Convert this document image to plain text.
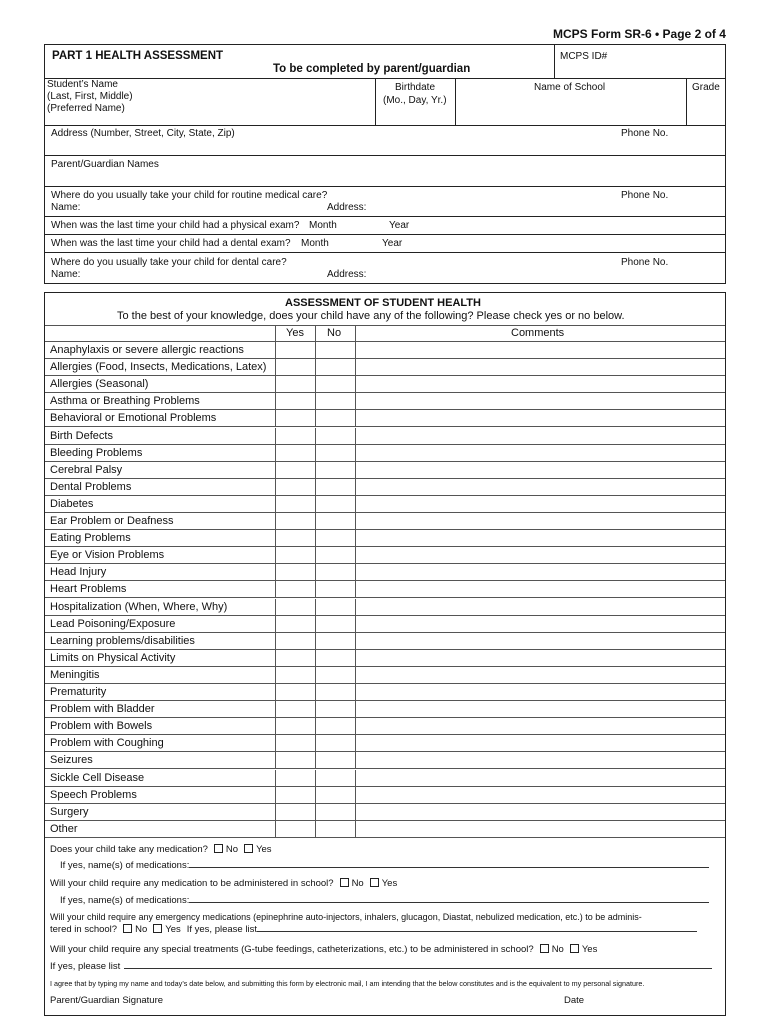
MCPS Form SR-6 • Page 2 of 4
PART 1 HEALTH ASSESSMENT
To be completed by parent/guardian
MCPS ID#
Student’s Name
(Last, First, Middle)
(Preferred Name)
Birthdate
(Mo., Day, Yr.)
Name of School	Grade
Address (Number, Street, City, State, Zip)	Phone No.
Parent/Guardian Names
Where do you usually take your child for routine medical care?	Phone No.
Name:	Address:
When was the last time your child had a physical exam? Month	Year
When was the last time your child had a dental exam? Month	Year
Where do you usually take your child for dental care?	Phone No.
Name:	Address:
ASSESSMENT OF STUDENT HEALTH
To the best of your knowledge, does your child have any of the following? Please check yes or no below.
Yes No	Comments
Anaphylaxis or severe allergic reactions
Allergies (Food, Insects, Medications, Latex)
Allergies (Seasonal)
Asthma or Breathing Problems
Behavioral or Emotional Problems
Birth Defects
Bleeding Problems
Cerebral Palsy
Dental Problems
Diabetes
Ear Problem or Deafness
Eating Problems
Eye or Vision Problems
Head Injury
Heart Problems
Hospitalization (When, Where, Why)
Lead Poisoning/Exposure
Learning problems/disabilities
Limits on Physical Activity
Meningitis
Prematurity
Problem with Bladder
Problem with Bowels
Problem with Coughing
Seizures
Sickle Cell Disease
Speech Problems
Surgery
Other
Does your child take any medication? No Yes
If yes, name(s) of medications:
Will your child require any medication to be administered in school? No Yes
If yes, name(s) of medications:
Will your child require any emergency medications (epinephrine auto-injectors, inhalers, glucagon, Diastat, nebulized medication, etc.) to be adminis-
tered in school? No Yes If yes, please list
Will your child require any special treatments (G-tube feedings, catheterizations, etc.) to be administered in school? No Yes
If yes, please list
I agree that by typing my name and today’s date below, and submitting this form by electronic mail, I am intending that the below constitutes and is the equivalent to my personal signature.
Parent/Guardian Signature	Date
